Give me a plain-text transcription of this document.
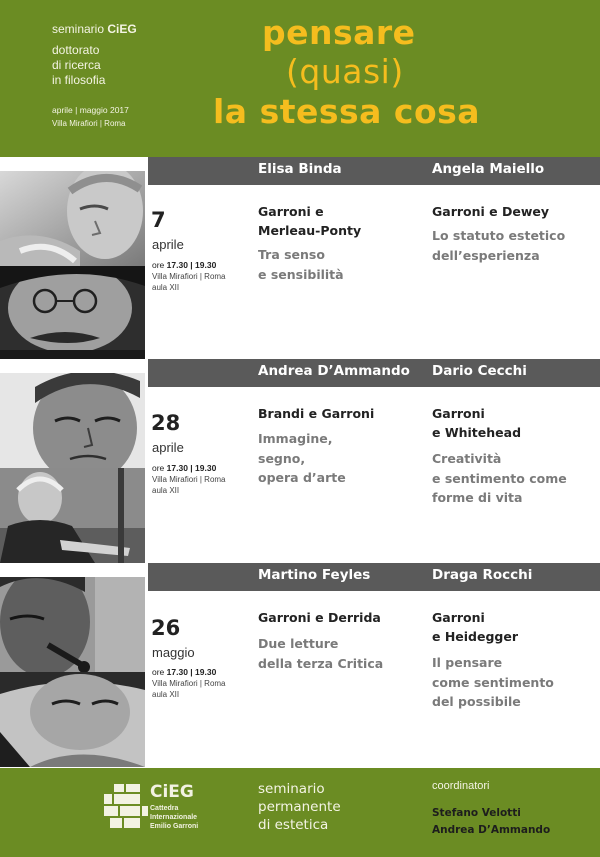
seminario CiEG
dottorato
di ricerca
in filosofia
aprile | maggio 2017
Villa Mirafiori | Roma
pensare
(quasi)
la stessa cosa
Elisa Binda	Angela Maiello
7
aprile
ore 17.30 | 19.30
Villa Mirafiori | Roma
aula XII
Garroni e
Merleau-Ponty
Tra senso
e sensibilità
Garroni e Dewey
Lo statuto estetico
dell’esperienza
Andrea D’Ammando Dario Cecchi
28
aprile
ore 17.30 | 19.30
Villa Mirafiori | Roma
aula XII
Brandi e Garroni
Immagine,
segno,
opera d’arte
Garroni
e Whitehead
Creatività
e sentimento come
forme di vita
Martino Feyles	Draga Rocchi
26
maggio
ore 17.30 | 19.30
Villa Mirafiori | Roma
aula XII
Garroni e Derrida
Due letture
della terza Critica
Garroni
e Heidegger
Il pensare
come sentimento
del possibile
CiEG
Cattedra
Internazionale
Emilio Garroni
seminario
permanente
di estetica
coordinatori
Stefano Velotti
Andrea D’Ammando
